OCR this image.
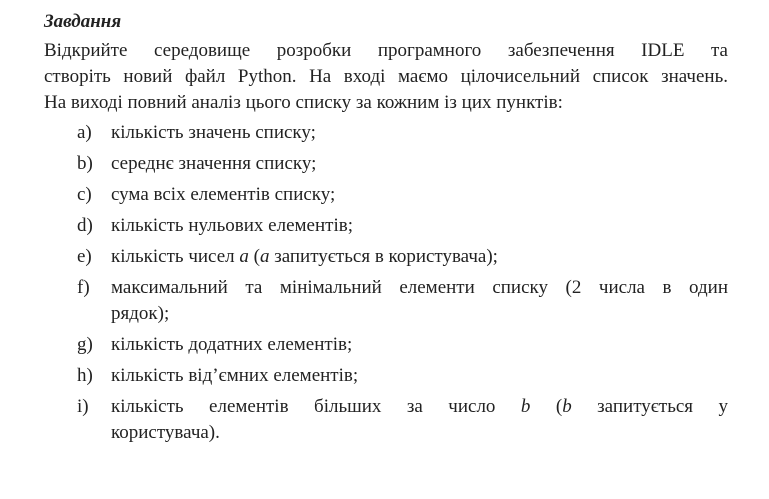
Завдання

Відкрийте середовище розробки програмного забезпечення IDLE та
створіть новий файл Python. На вході маємо цілочисельний список значень.
На виході повний аналіз цього списку за кожним із цих пунктів:

a) кількість значень списку;
b) середнє значення списку;
c) сума всіх елементів списку;
d) кількість нульових елементів;
e) кількість чисел a (a запитується в користувача);
f) максимальний та мінімальний елементи списку (2 числа в один
рядок);
g) кількість додатних елементів;
h) кількість від’ємних елементів;
i) кількість елементів більших за число b (b запитується у
користувача).
